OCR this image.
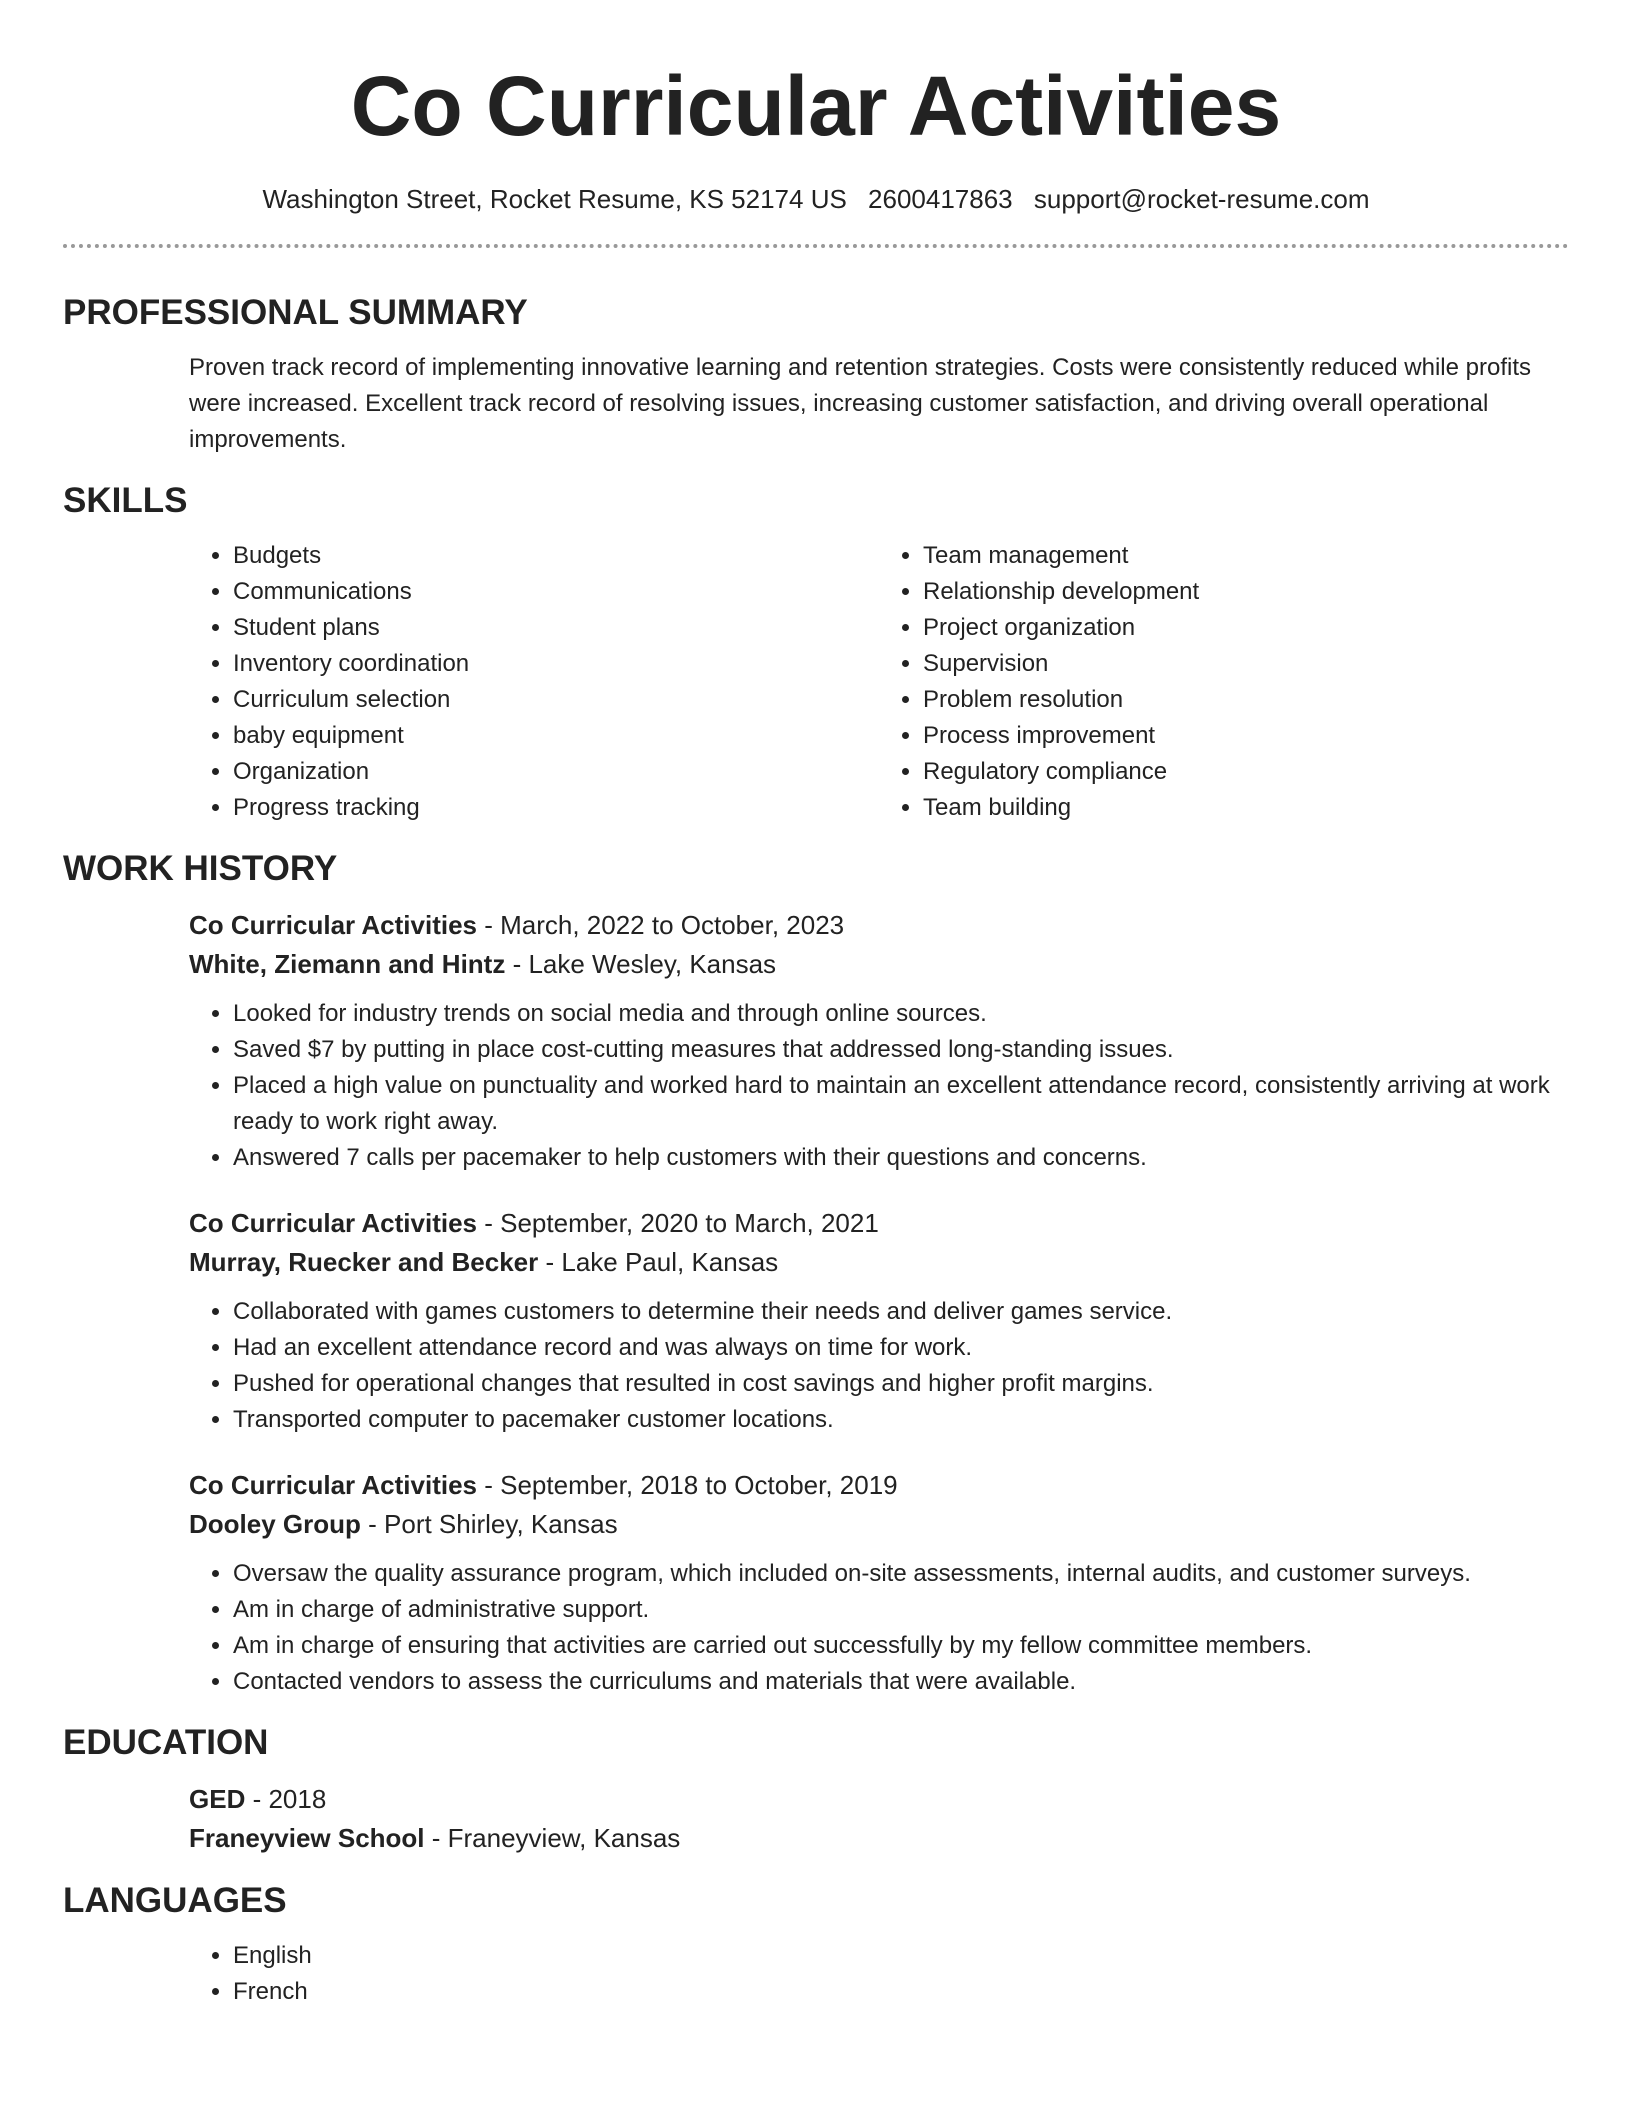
Co Curricular Activities
Washington Street, Rocket Resume, KS 52174 US 2600417863 support@rocket-resume.com
PROFESSIONAL SUMMARY

Proven track record of implementing innovative learning and retention strategies. Costs were consistently reduced while profits were increased. Excellent track record of resolving issues, increasing customer satisfaction, and driving overall operational improvements.

SKILLS
• Budgets
• Communications
• Student plans
• Inventory coordination
• Curriculum selection
• baby equipment
• Organization
• Progress tracking
• Team management
• Relationship development
• Project organization
• Supervision
• Problem resolution
• Process improvement
• Regulatory compliance
• Team building
WORK HISTORY
Co Curricular Activities - March, 2022 to October, 2023
White, Ziemann and Hintz - Lake Wesley, Kansas
• Looked for industry trends on social media and through online sources.
• Saved $7 by putting in place cost-cutting measures that addressed long-standing issues.
• Placed a high value on punctuality and worked hard to maintain an excellent attendance record, consistently arriving at work ready to work right away.
• Answered 7 calls per pacemaker to help customers with their questions and concerns.
Co Curricular Activities - September, 2020 to March, 2021
Murray, Ruecker and Becker - Lake Paul, Kansas
• Collaborated with games customers to determine their needs and deliver games service.
• Had an excellent attendance record and was always on time for work.
• Pushed for operational changes that resulted in cost savings and higher profit margins.
• Transported computer to pacemaker customer locations.
Co Curricular Activities - September, 2018 to October, 2019
Dooley Group - Port Shirley, Kansas
• Oversaw the quality assurance program, which included on-site assessments, internal audits, and customer surveys.
• Am in charge of administrative support.
• Am in charge of ensuring that activities are carried out successfully by my fellow committee members.
• Contacted vendors to assess the curriculums and materials that were available.
EDUCATION
GED - 2018
Franeyview School - Franeyview, Kansas
LANGUAGES
• English
• French
